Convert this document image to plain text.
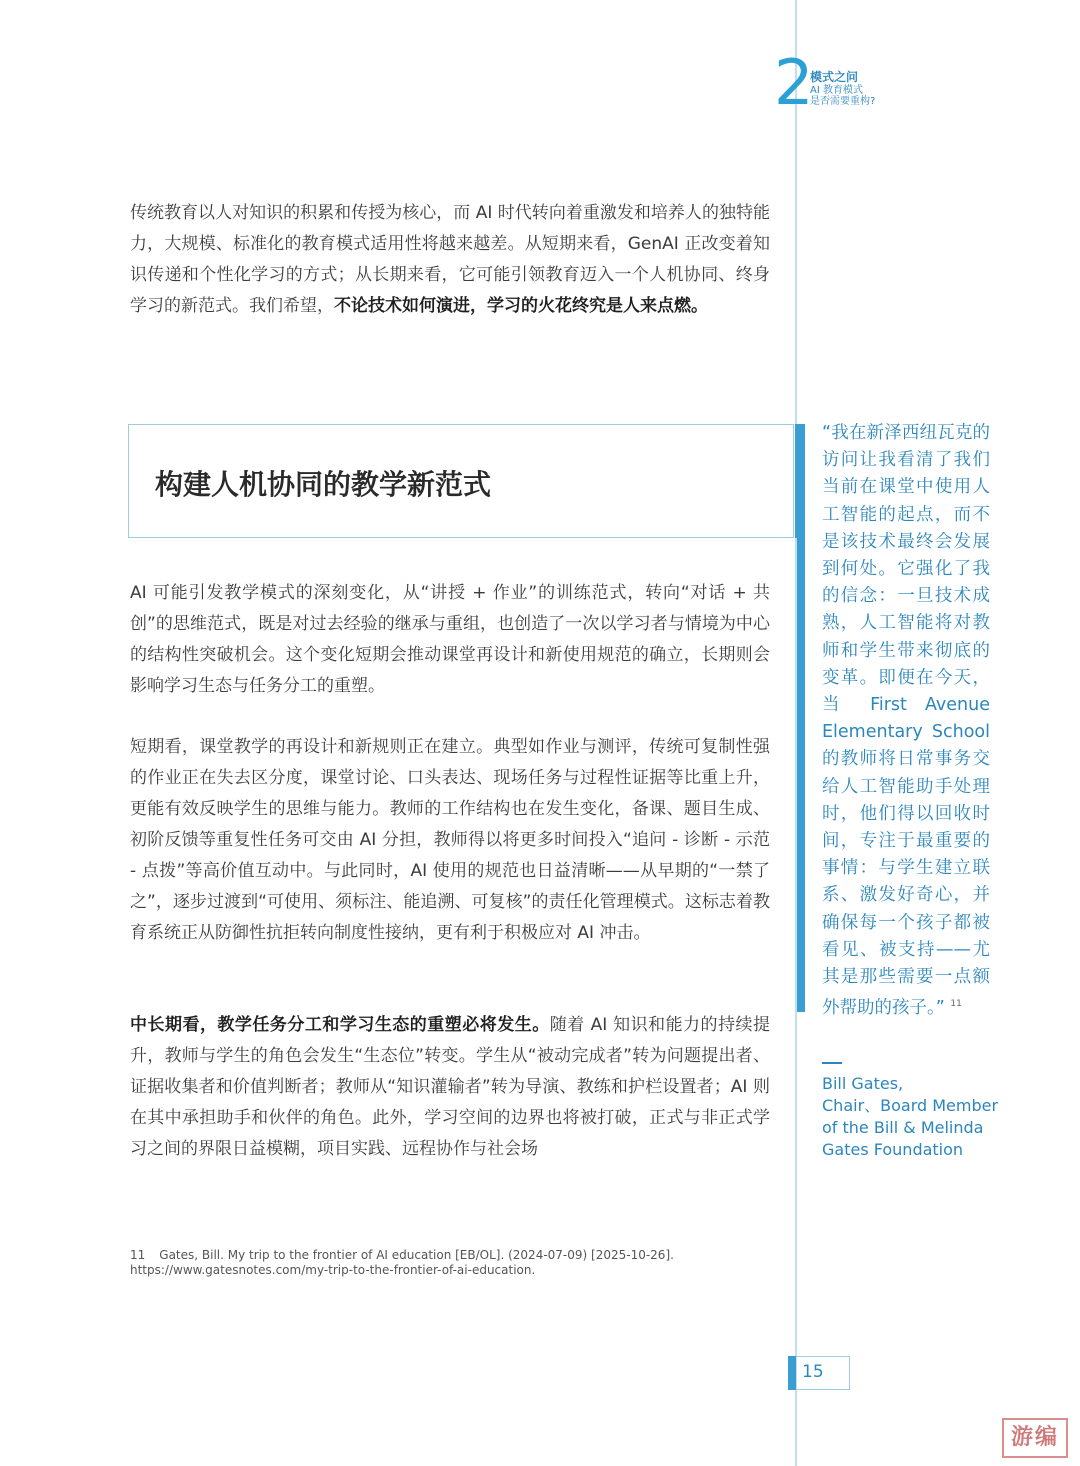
2
模式之问
AI 教育模式
是否需要重构?

传统教育以人对知识的积累和传授为核心，而 AI 时代转向着重激发和培养人的独特能力，大规模、标准化的教育模式适用性将越来越差。从短期来看，GenAI 正改变着知识传递和个性化学习的方式；从长期来看，它可能引领教育迈入一个人机协同、终身学习的新范式。我们希望，不论技术如何演进，学习的火花终究是人来点燃。

构建人机协同的教学新范式

AI 可能引发教学模式的深刻变化，从“讲授 + 作业”的训练范式，转向“对话 + 共创”的思维范式，既是对过去经验的继承与重组，也创造了一次以学习者与情境为中心的结构性突破机会。这个变化短期会推动课堂再设计和新使用规范的确立，长期则会影响学习生态与任务分工的重塑。

短期看，课堂教学的再设计和新规则正在建立。典型如作业与测评，传统可复制性强的作业正在失去区分度，课堂讨论、口头表达、现场任务与过程性证据等比重上升，更能有效反映学生的思维与能力。教师的工作结构也在发生变化，备课、题目生成、初阶反馈等重复性任务可交由 AI 分担，教师得以将更多时间投入“追问 - 诊断 - 示范 - 点拨”等高价值互动中。与此同时，AI 使用的规范也日益清晰——从早期的“一禁了之”，逐步过渡到“可使用、须标注、能追溯、可复核”的责任化管理模式。这标志着教育系统正从防御性抗拒转向制度性接纳，更有利于积极应对 AI 冲击。

中长期看，教学任务分工和学习生态的重塑必将发生。随着 AI 知识和能力的持续提升，教师与学生的角色会发生“生态位”转变。学生从“被动完成者”转为问题提出者、证据收集者和价值判断者；教师从“知识灌输者”转为导演、教练和护栏设置者；AI 则在其中承担助手和伙伴的角色。此外，学习空间的边界也将被打破，正式与非正式学习之间的界限日益模糊，项目实践、远程协作与社会场

“我在新泽西纽瓦克的访问让我看清了我们当前在课堂中使用人工智能的起点，而不是该技术最终会发展到何处。它强化了我的信念：一旦技术成熟，人工智能将对教师和学生带来彻底的变革。即便在今天，当 First Avenue Elementary School 的教师将日常事务交给人工智能助手处理时，他们得以回收时间，专注于最重要的事情：与学生建立联系、激发好奇心，并确保每一个孩子都被看见、被支持——尤其是那些需要一点额外帮助的孩子。” $^{11}$

Bill Gates,
Chair、Board Member
of the Bill & Melinda
Gates Foundation
11 Gates, Bill. My trip to the frontier of AI education [EB/OL]. (2024-07-09) [2025-10-26]. https://www.gatesnotes.com/my-trip-to-the-frontier-of-ai-education.
15
游编
